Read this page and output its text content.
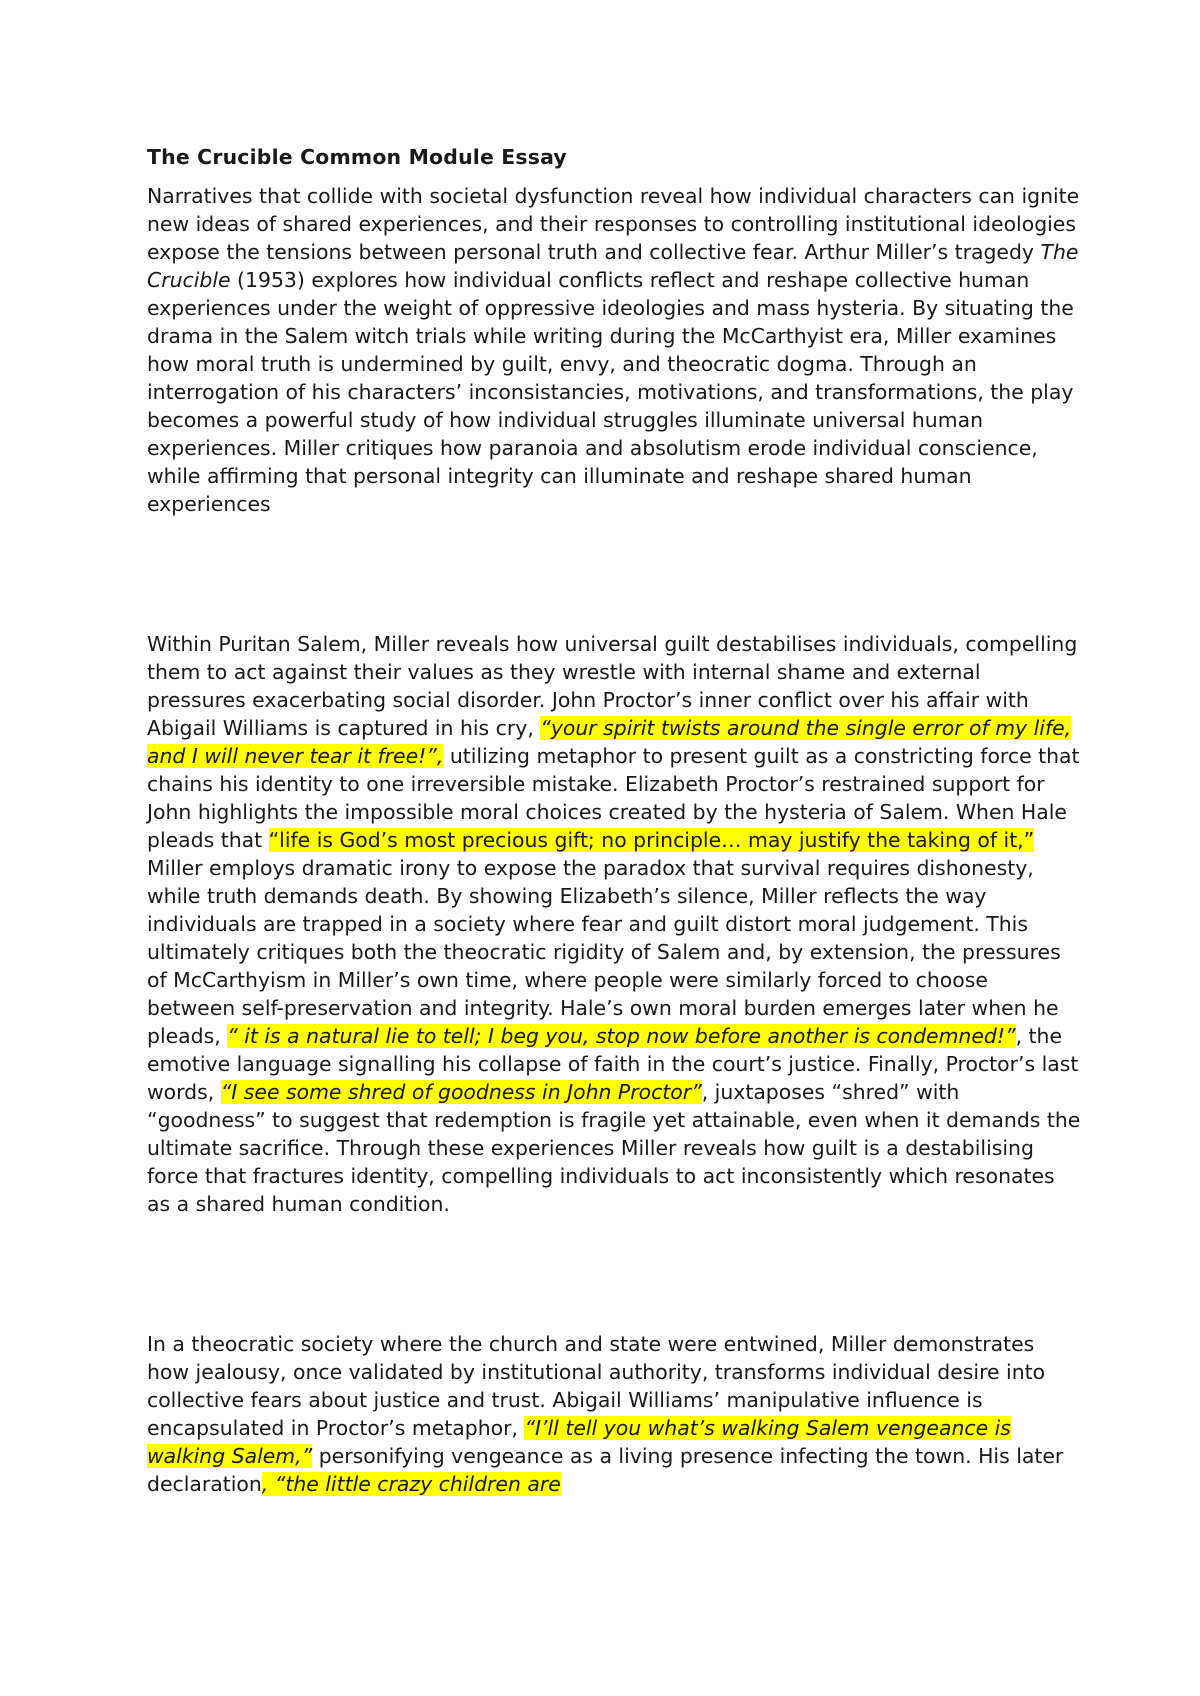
The Crucible Common Module Essay

Narratives that collide with societal dysfunction reveal how individual characters can ignite new ideas of shared experiences, and their responses to controlling institutional ideologies expose the tensions between personal truth and collective fear. Arthur Miller’s tragedy The Crucible (1953) explores how individual conflicts reflect and reshape collective human experiences under the weight of oppressive ideologies and mass hysteria. By situating the drama in the Salem witch trials while writing during the McCarthyist era, Miller examines how moral truth is undermined by guilt, envy, and theocratic dogma. Through an interrogation of his characters’ inconsistancies, motivations, and transformations, the play becomes a powerful study of how individual struggles illuminate universal human experiences. Miller critiques how paranoia and absolutism erode individual conscience, while affirming that personal integrity can illuminate and reshape shared human experiences

Within Puritan Salem, Miller reveals how universal guilt destabilises individuals, compelling them to act against their values as they wrestle with internal shame and external pressures exacerbating social disorder. John Proctor’s inner conflict over his affair with Abigail Williams is captured in his cry, “your spirit twists around the single error of my life, and I will never tear it free!”, utilizing metaphor to present guilt as a constricting force that chains his identity to one irreversible mistake. Elizabeth Proctor’s restrained support for John highlights the impossible moral choices created by the hysteria of Salem. When Hale pleads that “life is God’s most precious gift; no principle… may justify the taking of it,” Miller employs dramatic irony to expose the paradox that survival requires dishonesty, while truth demands death. By showing Elizabeth’s silence, Miller reflects the way individuals are trapped in a society where fear and guilt distort moral judgement. This ultimately critiques both the theocratic rigidity of Salem and, by extension, the pressures of McCarthyism in Miller’s own time, where people were similarly forced to choose between self-preservation and integrity. Hale’s own moral burden emerges later when he pleads, “ it is a natural lie to tell; I beg you, stop now before another is condemned!”, the emotive language signalling his collapse of faith in the court’s justice. Finally, Proctor’s last words, “I see some shred of goodness in John Proctor”, juxtaposes “shred” with “goodness” to suggest that redemption is fragile yet attainable, even when it demands the ultimate sacrifice. Through these experiences Miller reveals how guilt is a destabilising force that fractures identity, compelling individuals to act inconsistently which resonates as a shared human condition.

In a theocratic society where the church and state were entwined, Miller demonstrates how jealousy, once validated by institutional authority, transforms individual desire into collective fears about justice and trust. Abigail Williams’ manipulative influence is encapsulated in Proctor’s metaphor, “I’ll tell you what’s walking Salem vengeance is walking Salem,” personifying vengeance as a living presence infecting the town. His later declaration, “the little crazy children are
